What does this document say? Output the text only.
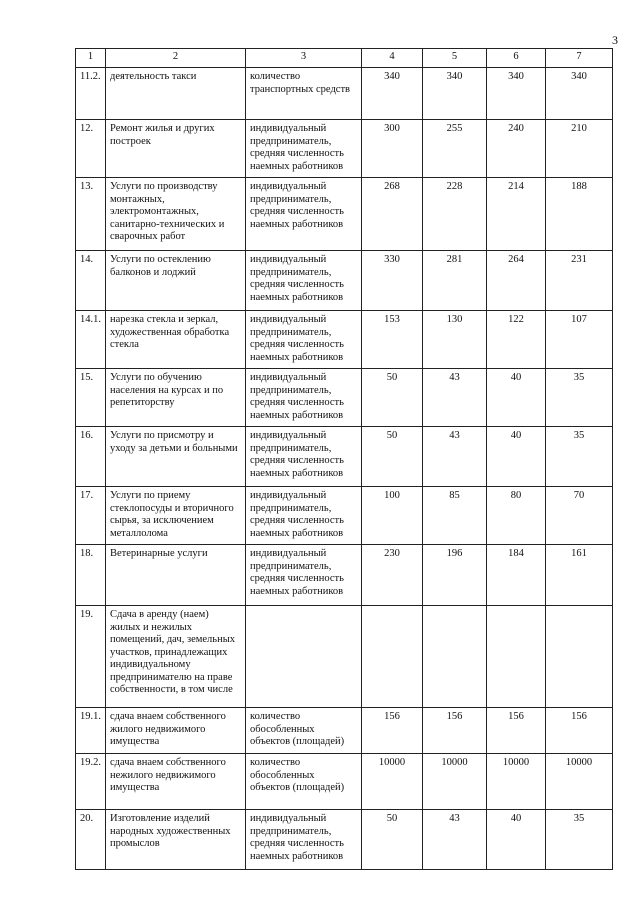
3
1	2	3	4	5	6	7
11.2.	деятельность такси	количество транспортных средств	340	340	340	340
12.	Ремонт жилья и других построек	индивидуальный предприниматель, средняя численность наемных работников	300	255	240	210
13.	Услуги по производству монтажных, электромонтажных, санитарно-технических и сварочных работ	индивидуальный предприниматель, средняя численность наемных работников	268	228	214	188
14.	Услуги по остеклению балконов и лоджий	индивидуальный предприниматель, средняя численность наемных работников	330	281	264	231
14.1.	нарезка стекла и зеркал, художественная обработка стекла	индивидуальный предприниматель, средняя численность наемных работников	153	130	122	107
15.	Услуги по обучению населения на курсах и по репетиторству	индивидуальный предприниматель, средняя численность наемных работников	50	43	40	35
16.	Услуги по присмотру и уходу за детьми и больными	индивидуальный предприниматель, средняя численность наемных работников	50	43	40	35
17.	Услуги по приему стеклопосуды и вторичного сырья, за исключением металлолома	индивидуальный предприниматель, средняя численность наемных работников	100	85	80	70
18.	Ветеринарные услуги	индивидуальный предприниматель, средняя численность наемных работников	230	196	184	161
19.	Сдача в аренду (наем) жилых и нежилых помещений, дач, земельных участков, принадлежащих индивидуальному предпринимателю на праве собственности, в том числе					
19.1.	сдача внаем собственного жилого недвижимого имущества	количество обособленных объектов (площадей)	156	156	156	156
19.2.	сдача внаем собственного нежилого недвижимого имущества	количество обособленных объектов (площадей)	10000	10000	10000	10000
20.	Изготовление изделий народных художественных промыслов	индивидуальный предприниматель, средняя численность наемных работников	50	43	40	35
